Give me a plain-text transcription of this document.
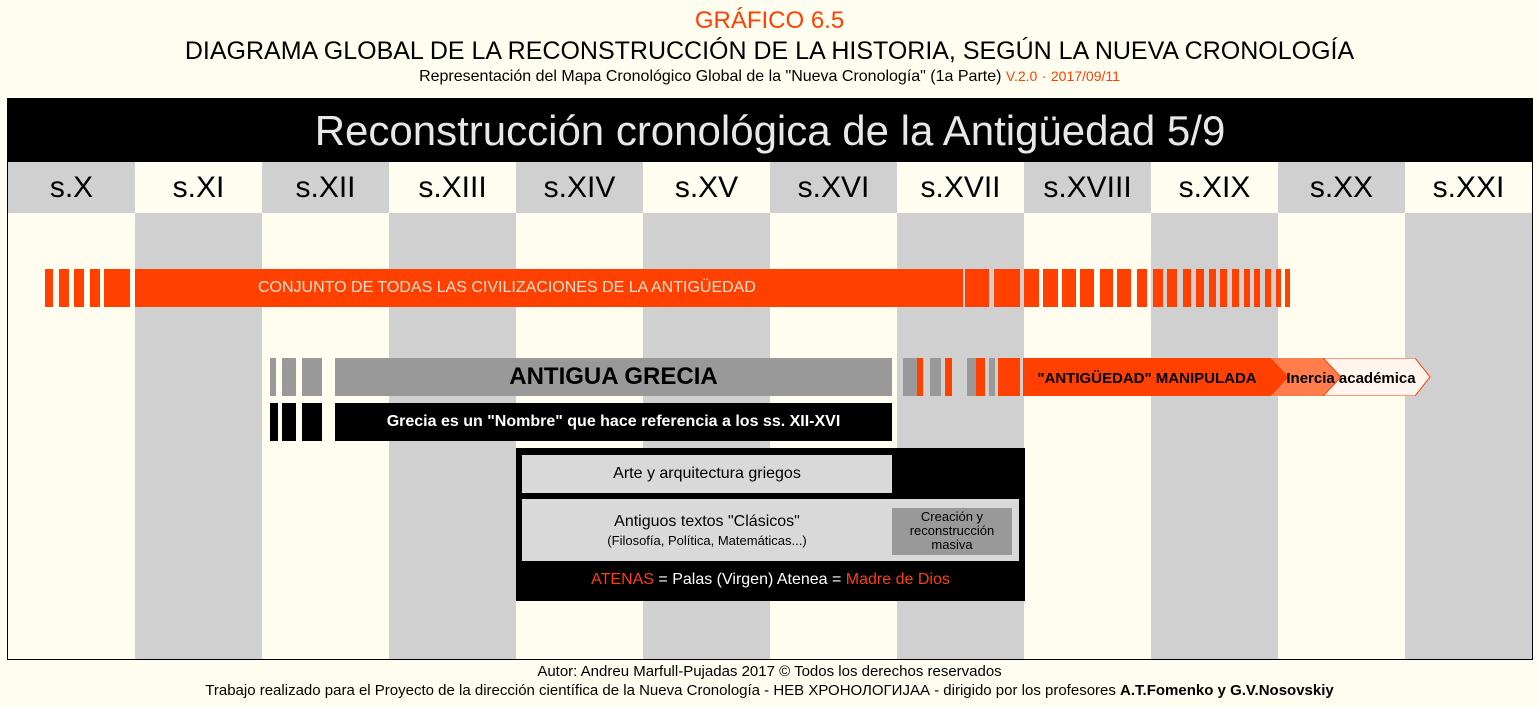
GRÁFICO 6.5
DIAGRAMA GLOBAL DE LA RECONSTRUCCIÓN DE LA HISTORIA, SEGÚN LA NUEVA CRONOLOGÍA
Representación del Mapa Cronológico Global de la "Nueva Cronología" (1a Parte) V.2.0 · 2017/09/11
Reconstrucción cronológica de la Antigüedad 5/9
s.X	s.XI	s.XII	s.XIII	s.XIV	s.XV	s.XVI	s.XVII	s.XVIII	s.XIX	s.XX	s.XXI
CONJUNTO DE TODAS LAS CIVILIZACIONES DE LA ANTIGÜEDAD
ANTIGUA GRECIA	"ANTIGÜEDAD" MANIPULADA Inercia académica
Grecia es un "Nombre" que hace referencia a los ss. XII-XVI
Arte y arquitectura griegos
Antiguos textos "Clásicos"
(Filosofía, Política, Matemáticas...)
Creación y
reconstrucción
masiva
ATENAS = Palas (Virgen) Atenea = Madre de Dios
Autor: Andreu Marfull-Pujadas 2017 © Todos los derechos reservados
Trabajo realizado para el Proyecto de la dirección científica de la Nueva Cronología - НЕВ ХРОНОЛОГИJАА - dirigido por los profesores A.T.Fomenko y G.V.Nosovskiy
